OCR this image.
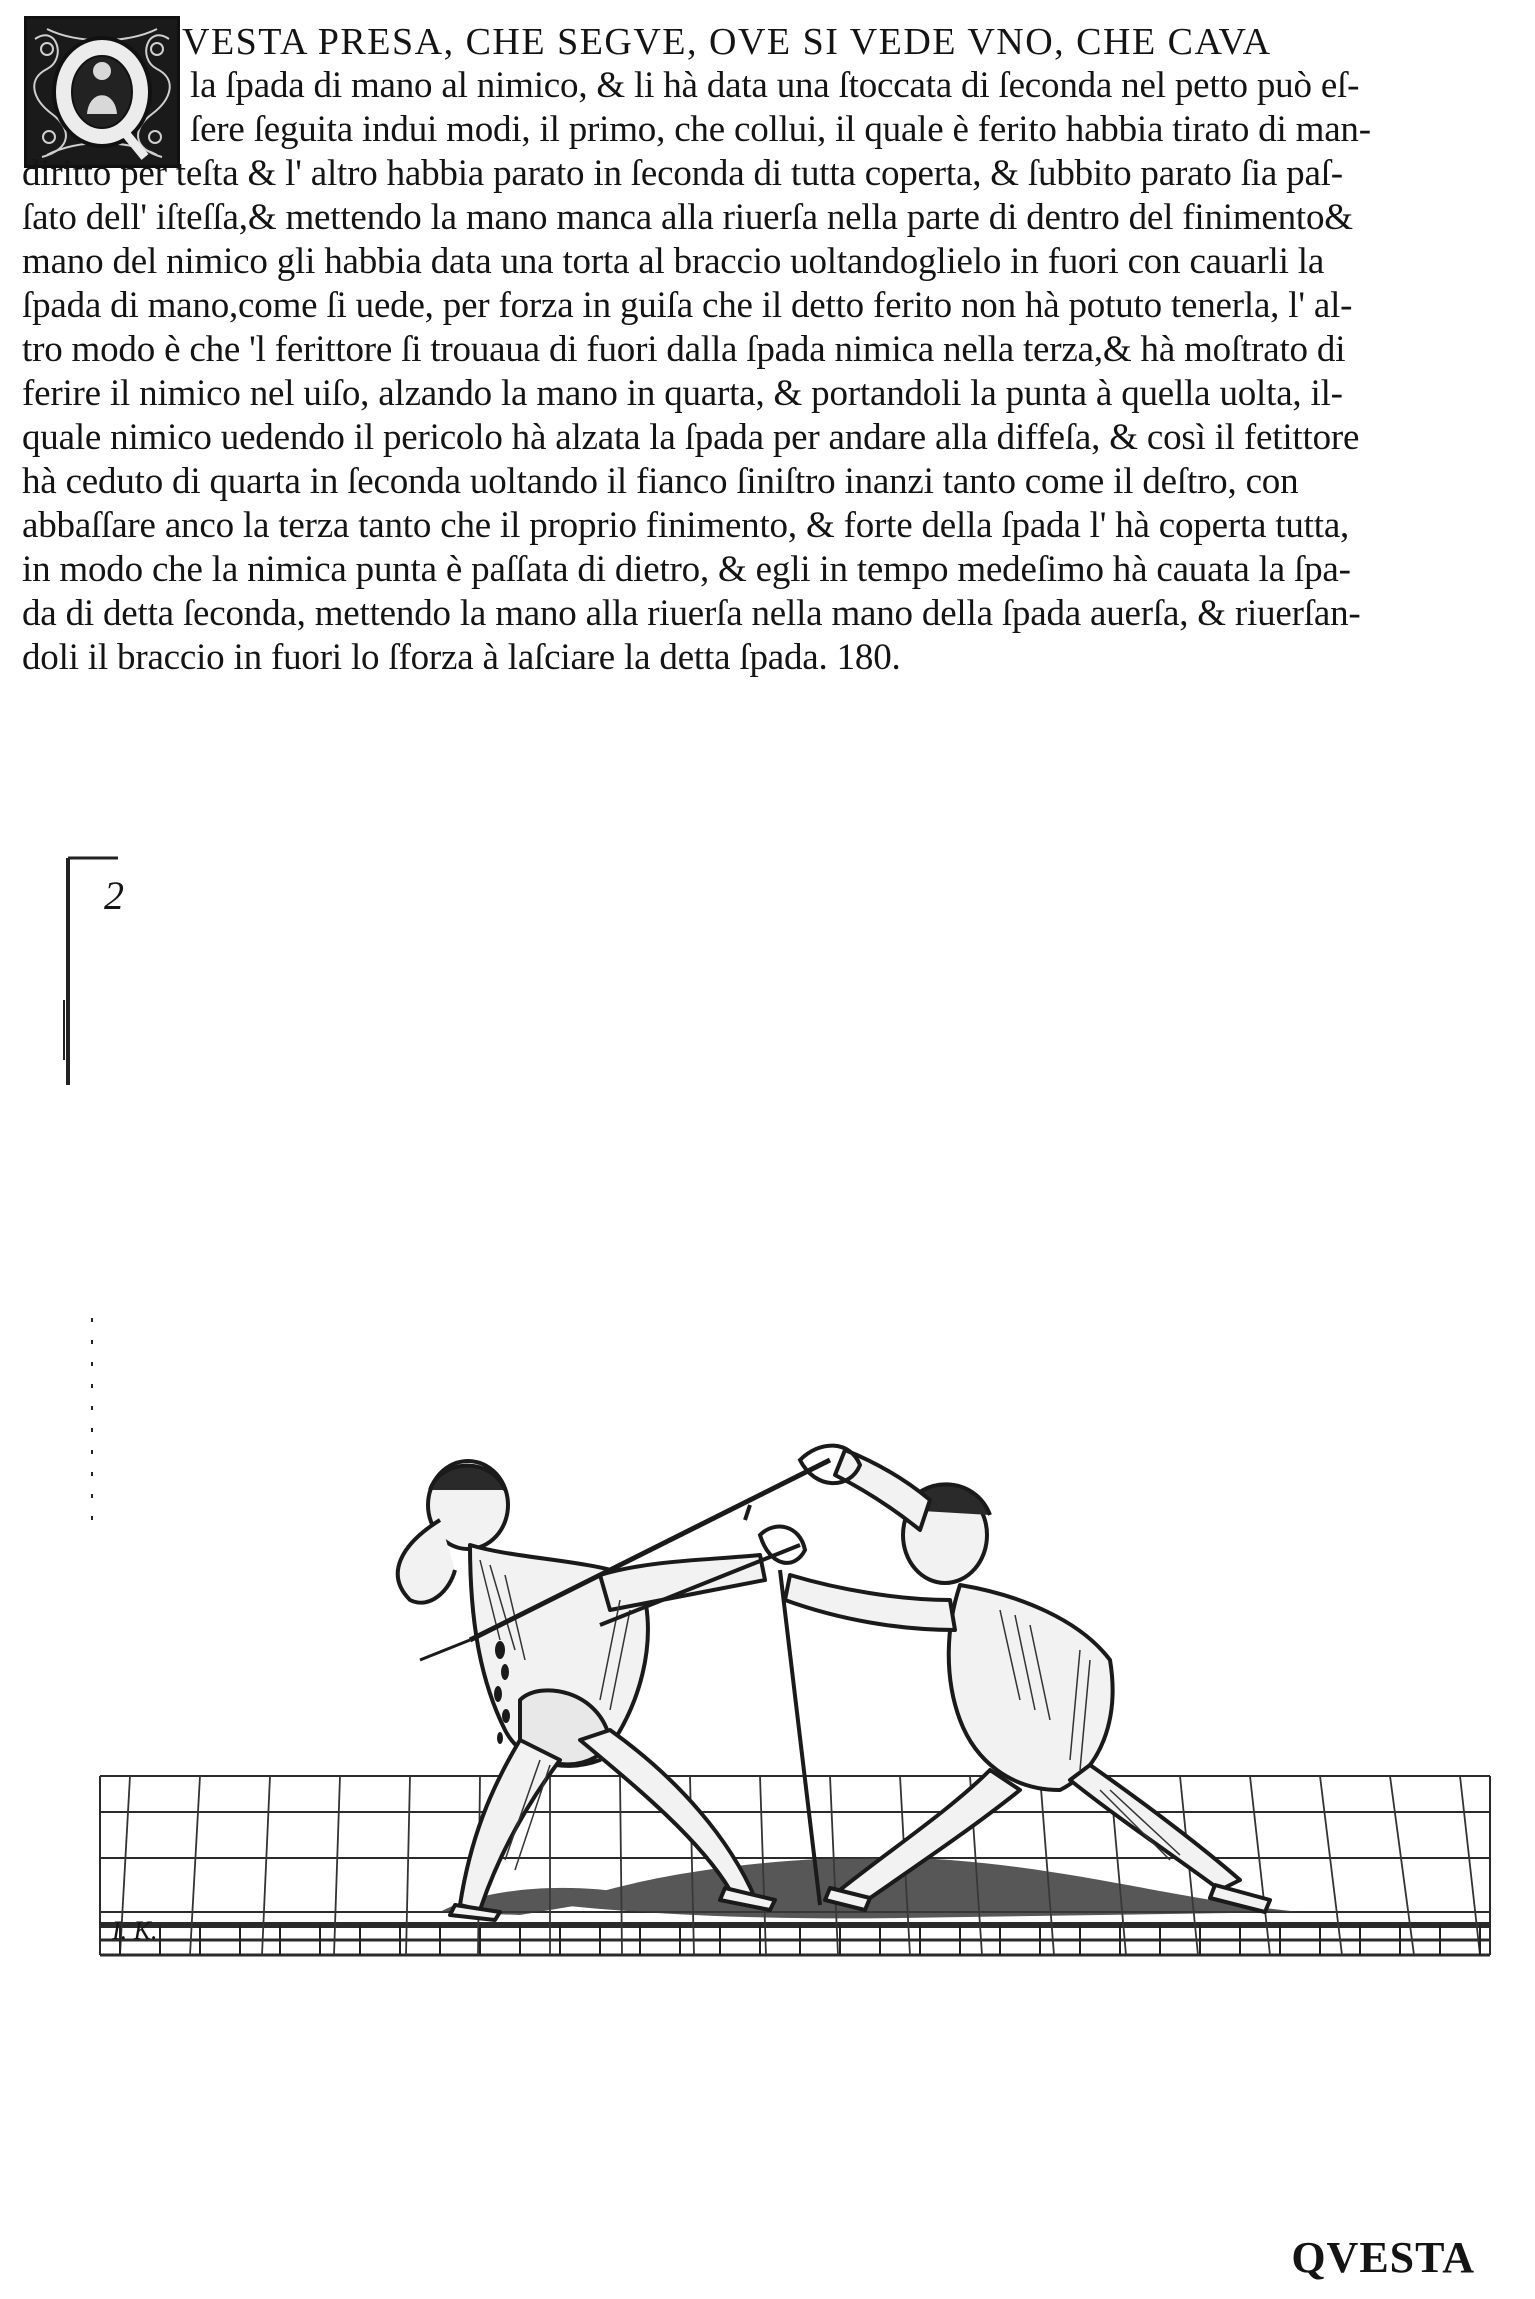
VESTA PRESA, CHE SEGVE, OVE SI VEDE VNO, CHE CAVA
la ſpada di mano al nimico, & li hà data una ſtoccata di ſeconda nel petto può eſ-
ſere ſeguita indui modi, il primo, che collui, il quale è ferito habbia tirato di man-
diritto per teſta & l' altro habbia parato in ſeconda di tutta coperta, & ſubbito parato ſia paſ-
ſato dell' iſteſſa,& mettendo la mano manca alla riuerſa nella parte di dentro del finimento&
mano del nimico gli habbia data una torta al braccio uoltandoglielo in fuori con cauarli la
ſpada di mano,come ſi uede, per forza in guiſa che il detto ferito non hà potuto tenerla, l' al-
tro modo è che 'l ferittore ſi trouaua di fuori dalla ſpada nimica nella terza,& hà moſtrato di
ferire il nimico nel uiſo, alzando la mano in quarta, & portandoli la punta à quella uolta, il-
quale nimico uedendo il pericolo hà alzata la ſpada per andare alla diffeſa, & così il fetittore
hà ceduto di quarta in ſeconda uoltando il fianco ſiniſtro inanzi tanto come il deſtro, con
abbaſſare anco la terza tanto che il proprio finimento, & forte della ſpada l' hà coperta tutta,
in modo che la nimica punta è paſſata di dietro, & egli in tempo medeſimo hà cauata la ſpa-
da di detta ſeconda, mettendo la mano alla riuerſa nella mano della ſpada auerſa, & riuerſan-
doli il braccio in fuori lo ſforza à laſciare la detta ſpada. 180.
2
I. K.
QVESTA
